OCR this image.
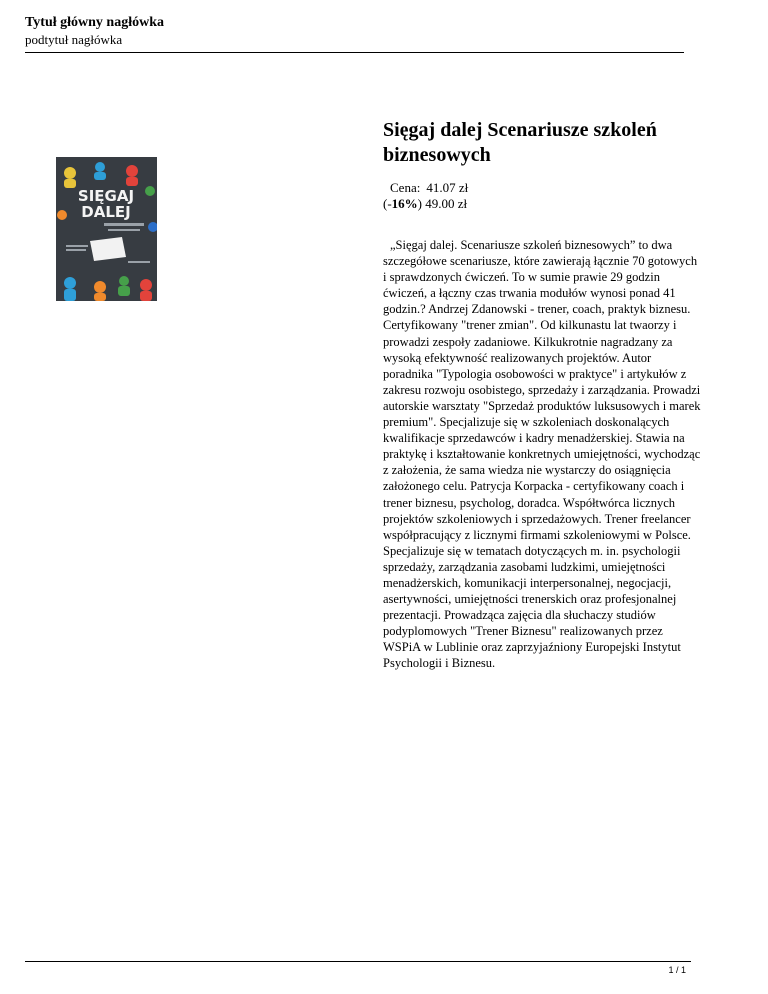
Tytuł główny nagłówka
podtytuł nagłówka
SIĘGAJ
DALEJ
Sięgaj dalej Scenariusze szkoleń biznesowych
Cena: 41.07 zł
(-16%) 49.00 zł

„Sięgaj dalej. Scenariusze szkoleń biznesowych” to dwa szczegółowe scenariusze, które zawierają łącznie 70 gotowych i sprawdzonych ćwiczeń. To w sumie prawie 29 godzin ćwiczeń, a łączny czas trwania modułów wynosi ponad 41 godzin.? Andrzej Zdanowski - trener, coach, praktyk biznesu. Certyfikowany "trener zmian". Od kilkunastu lat twaorzy i prowadzi zespoły zadaniowe. Kilkukrotnie nagradzany za wysoką efektywność realizowanych projektów. Autor poradnika "Typologia osobowości w praktyce" i artykułów z zakresu rozwoju osobistego, sprzedaży i zarządzania. Prowadzi autorskie warsztaty "Sprzedaż produktów luksusowych i marek premium". Specjalizuje się w szkoleniach doskonalących kwalifikacje sprzedawców i kadry menadżerskiej. Stawia na praktykę i kształtowanie konkretnych umiejętności, wychodząc z założenia, że sama wiedza nie wystarczy do osiągnięcia założonego celu. Patrycja Korpacka - certyfikowany coach i trener biznesu, psycholog, doradca. Współtwórca licznych projektów szkoleniowych i sprzedażowych. Trener freelancer współpracujący z licznymi firmami szkoleniowymi w Polsce. Specjalizuje się w tematach dotyczących m. in. psychologii sprzedaży, zarządzania zasobami ludzkimi, umiejętności menadżerskich, komunikacji interpersonalnej, negocjacji, asertywności, umiejętności trenerskich oraz profesjonalnej prezentacji. Prowadząca zajęcia dla słuchaczy studiów podyplomowych "Trener Biznesu" realizowanych przez WSPiA w Lublinie oraz zaprzyjaźniony Europejski Instytut Psychologii i Biznesu.

1 / 1
